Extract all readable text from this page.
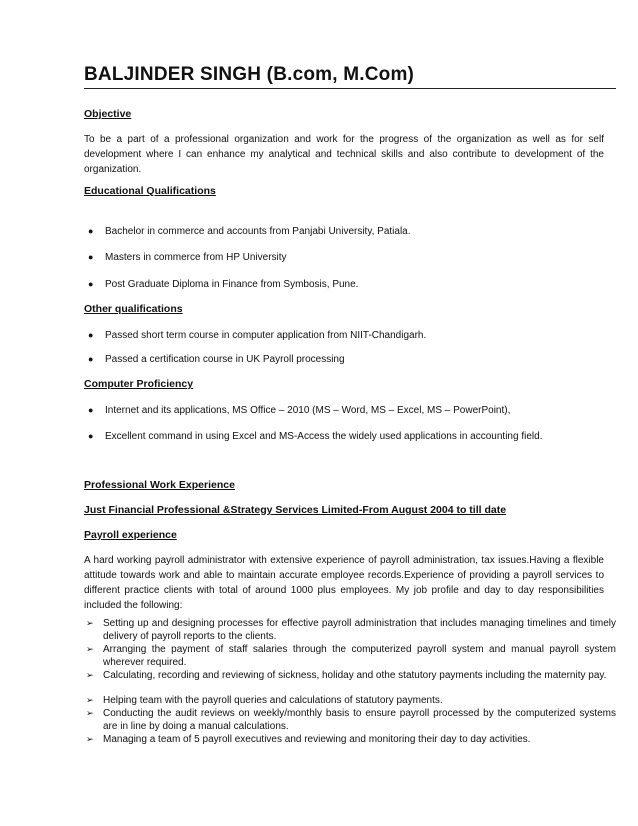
BALJINDER SINGH (B.com, M.Com)
Objective

To be a part of a professional organization and work for the progress of the organization as well as for self development where I can enhance my analytical and technical skills and also contribute to development of the organization.

Educational Qualifications

● Bachelor in commerce and accounts from Panjabi University, Patiala.

● Masters in commerce from HP University

● Post Graduate Diploma in Finance from Symbosis, Pune.

Other qualifications

● Passed short term course in computer application from NIIT-Chandigarh.

● Passed a certification course in UK Payroll processing

Computer Proficiency

● Internet and its applications, MS Office – 2010 (MS – Word, MS – Excel, MS – PowerPoint),

● Excellent command in using Excel and MS-Access the widely used applications in accounting field.

Professional Work Experience
Just Financial Professional &Strategy Services Limited-From August 2004 to till date
Payroll experience

A hard working payroll administrator with extensive experience of payroll administration, tax issues.Having a flexible attitude towards work and able to maintain accurate employee records.Experience of providing a payroll services to different practice clients with total of around 1000 plus employees. My job profile and day to day responsibilities included the following:

➢ Setting up and designing processes for effective payroll administration that includes managing timelines and timely delivery of payroll reports to the clients.
➢ Arranging the payment of staff salaries through the computerized payroll system and manual payroll system wherever required.
➢ Calculating, recording and reviewing of sickness, holiday and othe statutory payments including the maternity pay.
➢ Helping team with the payroll queries and calculations of statutory payments.
➢ Conducting the audit reviews on weekly/monthly basis to ensure payroll processed by the computerized systems are in line by doing a manual calculations.
➢ Managing a team of 5 payroll executives and reviewing and monitoring their day to day activities.
